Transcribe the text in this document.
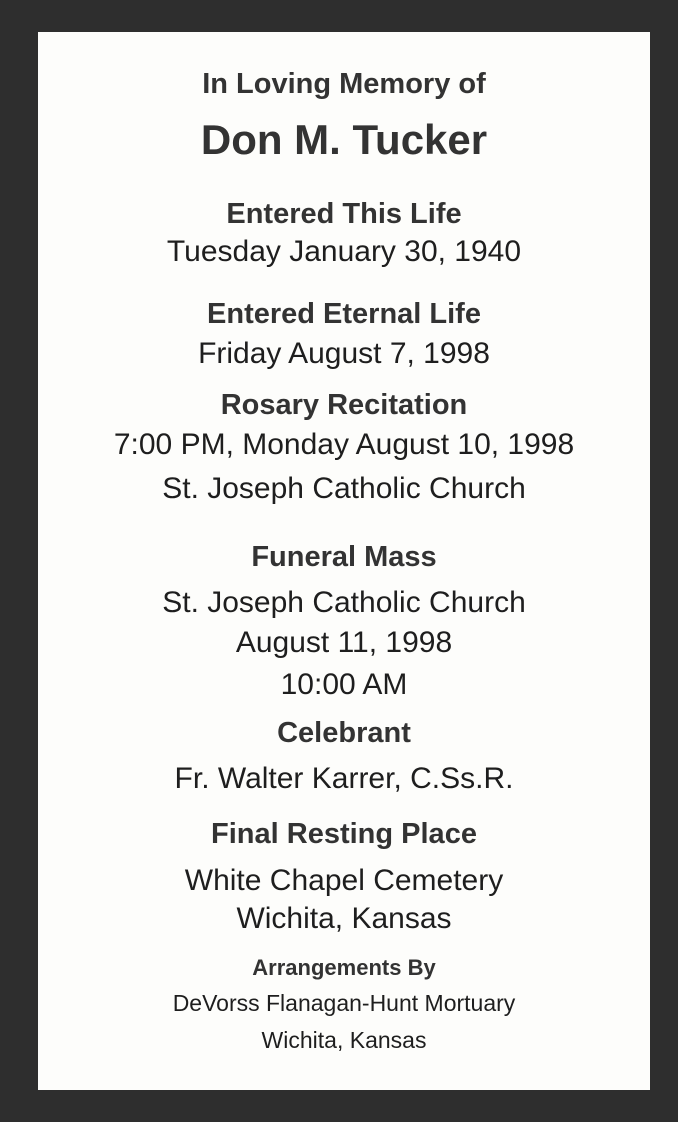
In Loving Memory of
Don M. Tucker
Entered This Life
Tuesday January 30, 1940
Entered Eternal Life
Friday August 7, 1998
Rosary Recitation
7:00 PM, Monday August 10, 1998
St. Joseph Catholic Church
Funeral Mass
St. Joseph Catholic Church
August 11, 1998
10:00 AM
Celebrant
Fr. Walter Karrer, C.Ss.R.
Final Resting Place
White Chapel Cemetery
Wichita, Kansas
Arrangements By
DeVorss Flanagan-Hunt Mortuary
Wichita, Kansas
